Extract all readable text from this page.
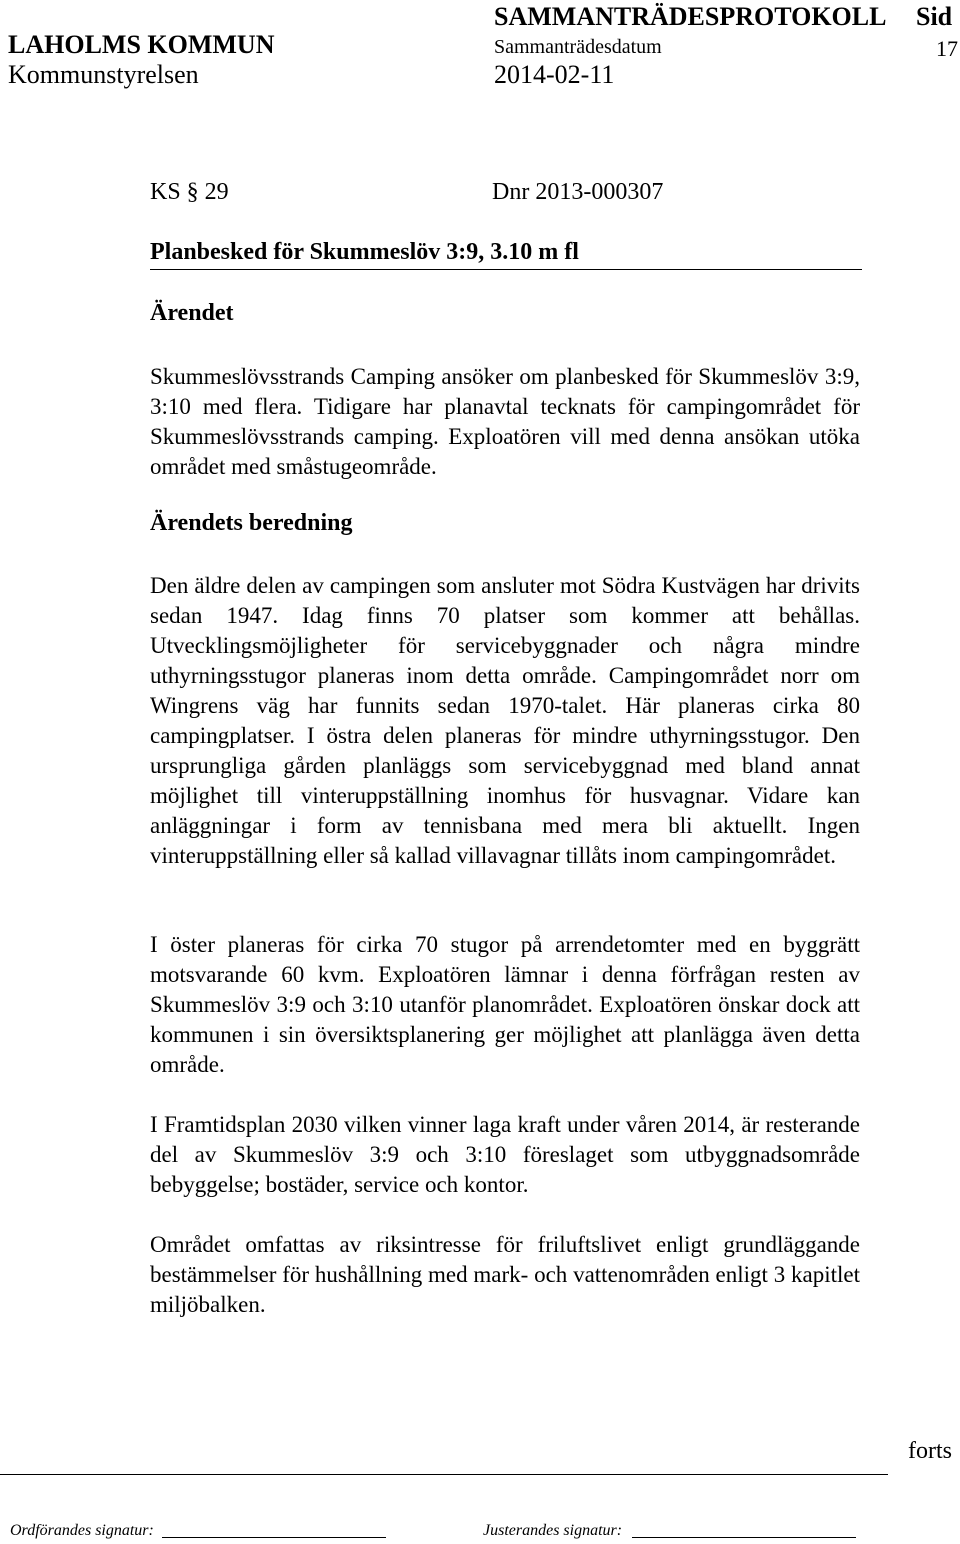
LAHOLMS KOMMUN
Kommunstyrelsen
SAMMANTRÄDESPROTOKOLL
Sammanträdesdatum
2014-02-11
Sid
17
KS § 29	Dnr 2013-000307
Planbesked för Skummeslöv 3:9, 3.10 m fl
Ärendet
Skummeslövsstrands Camping ansöker om planbesked för Skummeslöv 3:9, 3:10 med flera. Tidigare har planavtal tecknats för campingområdet för Skummeslövsstrands camping. Exploatören vill med denna ansökan utöka området med småstugeområde.
Ärendets beredning
Den äldre delen av campingen som ansluter mot Södra Kustvägen har drivits sedan 1947. Idag finns 70 platser som kommer att behållas. Utvecklingsmöjligheter för servicebyggnader och några mindre uthyrningsstugor planeras inom detta område. Campingområdet norr om Wingrens väg har funnits sedan 1970-talet. Här planeras cirka 80 campingplatser. I östra delen planeras för mindre uthyrningsstugor. Den ursprungliga gården planläggs som servicebyggnad med bland annat möjlighet till vinteruppställning inomhus för husvagnar. Vidare kan anläggningar i form av tennisbana med mera bli aktuellt. Ingen vinteruppställning eller så kallad villavagnar tillåts inom campingområdet.
I öster planeras för cirka 70 stugor på arrendetomter med en byggrätt motsvarande 60 kvm. Exploatören lämnar i denna förfrågan resten av Skummeslöv 3:9 och 3:10 utanför planområdet. Exploatören önskar dock att kommunen i sin översiktsplanering ger möjlighet att planlägga även detta område.
I Framtidsplan 2030 vilken vinner laga kraft under våren 2014, är resterande del av Skummeslöv 3:9 och 3:10 föreslaget som utbyggnadsområde bebyggelse; bostäder, service och kontor.
Området omfattas av riksintresse för friluftslivet enligt grundläggande bestämmelser för hushållning med mark- och vattenområden enligt 3 kapitlet miljöbalken.
forts
Ordförandes signatur:	Justerandes signatur:
